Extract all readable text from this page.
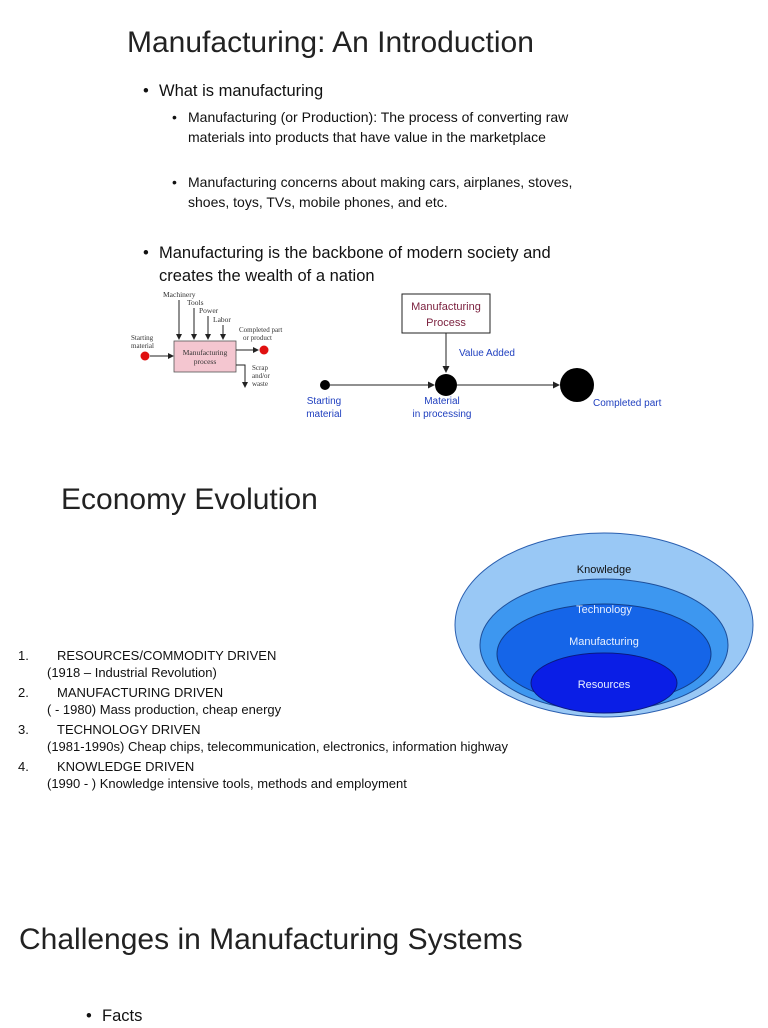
Manufacturing: An Introduction
• What is manufacturing
• Manufacturing (or Production): The process of converting raw materials into products that have value in the marketplace
• Manufacturing concerns about making cars, airplanes, stoves, shoes, toys, TVs, mobile phones, and etc.
• Manufacturing is the backbone of modern society and creates the wealth of a nation
Machinery
Tools
Power
Labor
Manufacturing
process
Starting
material
Completed part
or product
Scrap
and/or
waste
Manufacturing
Process
Value Added
Starting
material
Material
in processing
Completed part
Economy Evolution
Knowledge
Technology
Manufacturing
Resources
1. RESOURCES/COMMODITY DRIVEN
(1918 – Industrial Revolution)
2. MANUFACTURING DRIVEN
( - 1980) Mass production, cheap energy
3. TECHNOLOGY DRIVEN
(1981-1990s) Cheap chips, telecommunication, electronics, information highway
4. KNOWLEDGE DRIVEN
(1990 - ) Knowledge intensive tools, methods and employment
Challenges in Manufacturing Systems
• Facts
